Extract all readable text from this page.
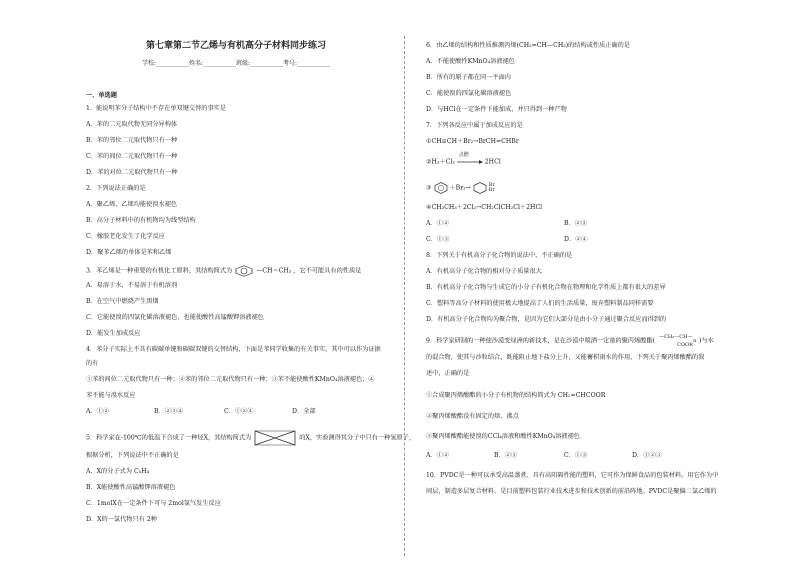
第七章第二节乙烯与有机高分子材料同步练习
学校:___________姓名:___________班级:___________考号:___________
一、单选题
1．能说明苯分子结构中不存在单双键交替的事实是
A．苯的二元取代物无同分异构体
B．苯的邻位二元取代物只有一种
C．苯的间位二元取代物只有一种
D．苯的对位二元取代物只有一种
2．下列说法正确的是
A．聚乙烯、乙烯均能使溴水褪色
B．高分子材料中的有机物均为线型结构
C．橡胶老化发生了化学反应
D．聚苯乙烯的单体是苯和乙烯
3．苯乙烯是一种重要的有机化工原料，其结构简式为	—CH＝CH₂ ，它不可能具有的性质是
A．易溶于水，不易溶于有机溶剂
B．在空气中燃烧产生黑烟
C．它能使溴的四氯化碳溶液褪色，也能使酸性高锰酸钾溶液褪色
D．能发生加成反应
4．苯分子实际上不具有碳碳单键和碳碳双键的交替结构，下面是苯同学收集的有关事实，其中可以作为证据
的有
①苯的间位二元取代物只有一种；②苯的邻位二元取代物只有一种；③苯不能使酸性KMnO₄溶液褪色；④
苯不能与溴水反应
A．①②	B．②③④	C．①②④	D．全部
5．科学家在-100℃的低温下合成了一种烃X，其结构简式为	的X，实验测得其分子中只有一种氢原子，
根据分析，下列说法中不正确的是
A．X的分子式为 C₅H₄
B．X能使酸性高锰酸钾溶液褪色
C．1molX在一定条件下可与 2mol氢气发生反应
D．X的一氯代物只有 2种
6．由乙烯的结构和性质推测丙烯(CH₂=CH—CH₃)的结构或性质正确的是
A．不能使酸性KMnO₄溶液褪色
B．所有的原子都在同一平面内
C．能使溴的四氯化碳溶液褪色
D．与HCl在一定条件下能加成，并只得到一种产物
7．下列各反应中属于加成反应的是
①CH≡CH＋Br₂→BrCH=CHBr
②H₂＋Cl₂
点燃
2HCl
③	＋Br₂→	Br
Br
④CH₃CH₃＋2Cl₂→CH₂ClCH₂Cl＋2HCl
A．①②	B．②③
C．①③	D．②④
8．下列关于有机高分子化合物的说法中，不正确的是
A．有机高分子化合物的相对分子质量很大
B．有机高分子化合物与生成它的小分子有机化合物在物理和化学性质上都有很大的差异
C．塑料等高分子材料的使用极大地提高了人们的生活质量，废弃塑料制品同样需要
D．有机高分子化合物均为聚合物，是因为它们大部分是由小分子通过聚合反应而得到的
9．科学家研制的一种使沙漠变绿洲的新技术，是在沙漠中喷洒一定量的聚丙烯酸酯(
—CH₂—CH—
COOR
n )与水
的混合物，使其与沙粒结合，既能阻止地下盐分上升，又能蓄积雨水的作用，下列关于聚丙烯酸酯的叙
述中，正确的是
①合成聚丙烯酸酯的小分子有机物的结构简式为 CH₂=CHCOOR
②聚丙烯酸酯没有固定的熔、沸点
③聚丙烯酸酯能使溴的CCl₄溶液和酸性KMnO₄溶液褪色
A．①②	B．②③	C．①③	D．①②③
10．PVDC是一种可以承受高温蒸煮、具有高阻隔性能的塑料，它可作为保鲜食品的包装材料。用它作为中
间层，制造多层复合材料，是目前塑料包装行业技术进步和技术创新的前沿阵地。PVDC是聚偏二氯乙烯的
